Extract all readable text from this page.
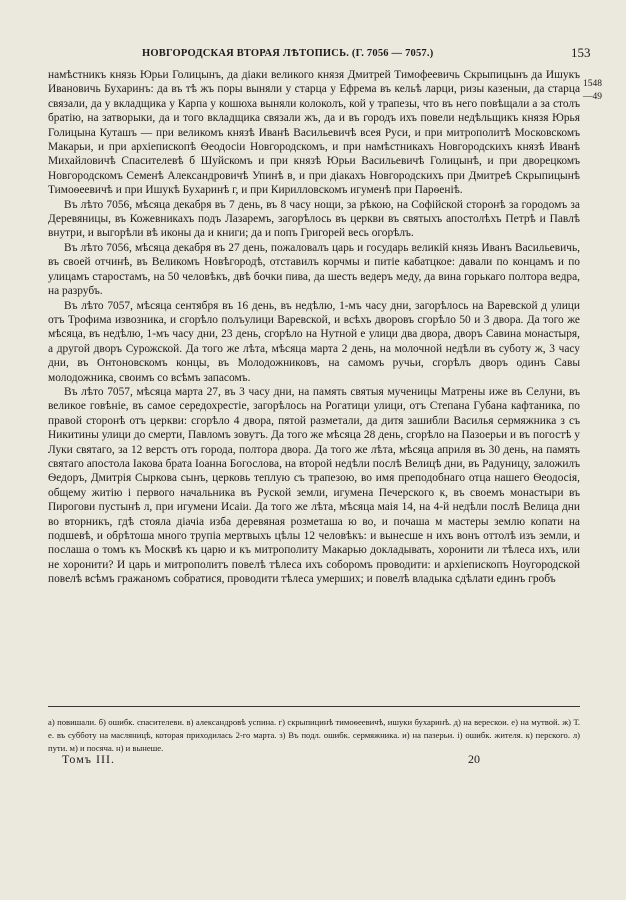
НОВГОРОДСКАЯ ВТОРАЯ ЛѢТОПИСЬ. (Г. 7056 — 7057.)	153
1548
—49

намѣстникъ князь Юрьи Голицынъ, да дiаки великого князя Дмитрей Тимофеевичь Скрыпицынъ да Ишукъ Ивановичь Бухаринъ: да въ тѣ жъ поры выняли у старца у Ефрема въ кельѣ ларци, ризы казеныи, да старца связали, да у вкладщика у Карпа у кошюха выняли колоколъ, кой у трапезы, что въ него повѣщали а за столъ братiю, на затворыки, да и того вкладщика связали жъ, да и въ городъ ихъ повели недѣльщикъ князя Юрья Голицына Куташъ — при великомъ князѣ Иванѣ Васильевичѣ всея Руси, и при митрополитѣ Московскомъ Макарьи, и при архiепископѣ Ѳеодосiи Новгородскомъ, и при намѣстникахъ Новгородскихъ князѣ Иванѣ Михайловичѣ Спасителевѣ б Шуйскомъ и при князѣ Юрьи Васильевичѣ Голицынѣ, и при дворецкомъ Новгородскомъ Семенѣ Александровичѣ Упинѣ в, и при дiакахъ Новгородскихъ при Дмитреѣ Скрыпицынѣ Тимоѳеевичѣ и при Ишукѣ Бухаринѣ г, и при Кирилловскомъ игуменѣ при Парѳенiѣ.

Въ лѣто 7056, мѣсяца декабря въ 7 день, въ 8 часу нощи, за рѣкою, на Софiйской сторонѣ за городомъ за Деревяницы, въ Кожевникахъ подъ Лазаремъ, загорѣлось въ церкви въ святыхъ апостолѣхъ Петрѣ и Павлѣ внутри, и выгорѣли вѣ иконы да и книги; да и попъ Григорей весь огорѣлъ.

Въ лѣто 7056, мѣсяца декабря въ 27 день, пожаловалъ царь и государь великiй князь Иванъ Васильевичь, въ своей отчинѣ, въ Великомъ Новѣгородѣ, отставилъ корчмы и питiе кабатцкое: давали по концамъ и по улицамъ старостамъ, на 50 человѣкъ, двѣ бочки пива, да шесть ведеръ меду, да вина горькаго полтора ведра, на разрубъ.

Въ лѣто 7057, мѣсяца сентября въ 16 день, въ недѣлю, 1-мъ часу дни, загорѣлось на Варевской д улици отъ Трофима извозника, и сгорѣло полъулици Варевской, и всѣхъ дворовъ сгорѣло 50 и 3 двора. Да того же мѣсяца, въ недѣлю, 1-мъ часу дни, 23 день, сгорѣло на Нутной е улици два двора, дворъ Савина монастыря, а другой дворъ Сурожской. Да того же лѣта, мѣсяца марта 2 день, на молочной недѣли въ суботу ж, 3 часу дни, въ Онтоновскомъ концы, въ Молодожниковъ, на самомъ ручьи, сгорѣлъ дворъ одинъ Савы молодожника, своимъ со всѣмъ запасомъ.

Въ лѣто 7057, мѣсяца марта 27, въ 3 часу дни, на память святыя мученицы Матрены иже въ Селуни, въ великое говѣнiе, въ самое середохрестiе, загорѣлось на Рогатици улици, отъ Степана Губана кафтаника, по правой сторонѣ отъ церкви: сгорѣло 4 двора, пятой разметали, да дитя зашибли Василья сермяжника з съ Никитины улици до смерти, Павломъ зовутъ. Да того же мѣсяца 28 день, сгорѣло на Пазоерьи и въ погостѣ у Луки святаго, за 12 верстъ отъ города, полтора двора. Да того же лѣта, мѣсяца априля въ 30 день, на память святаго апостола Iакова брата Iоанна Богослова, на второй недѣли послѣ Велицѣ дни, въ Радуницу, заложилъ Ѳедоръ, Дмитрiя Сыркова сынъ, церковь теплую съ трапезою, во имя преподобнаго отца нашего Ѳеодосiя, общему житiю і первого начальника въ Руской земли, игумена Печерского к, въ своемъ монастыри въ Пирогови пустынѣ л, при игумени Исаiи. Да того же лѣта, мѣсяца маiя 14, на 4-й недѣли послѣ Велица дни во вторникъ, гдѣ стояла дiачiа изба деревяная розметаша ю во, и почаша м мастеры землю копати на подшевѣ, и обрѣтоша много трупiа мертвыхъ цѣлы 12 человѣкъ: и вынесше н ихъ вонъ оттолѣ изъ земли, и послаша о томъ къ Москвѣ къ царю и къ митрополиту Макарью докладывать, хоронити ли тѣлеса ихъ, или не хоронити? И царь и митрополитъ повелѣ тѣлеса ихъ соборомъ проводити: и архiепископъ Ноугородской повелѣ всѣмъ гражаномъ собратися, проводити тѣлеса умерших; и повелѣ владыка сдѣлати единъ гробъ

а) повишали. б) ошибк. спасителеви. в) александровѣ успина. г) скрыпицинѣ тимоѳеевичѣ, ишуки бухаринѣ. д) на верескои. е) на мутвой. ж) Т. е. въ субботу на масляницѣ, которая приходилась 2-го марта. з) Въ подл. ошибк. сермяжника. и) на пазерьи. і) ошибк. жителя. к) перского. л) пути. м) и посяча. н) и вынеше.
Томъ III.	20
